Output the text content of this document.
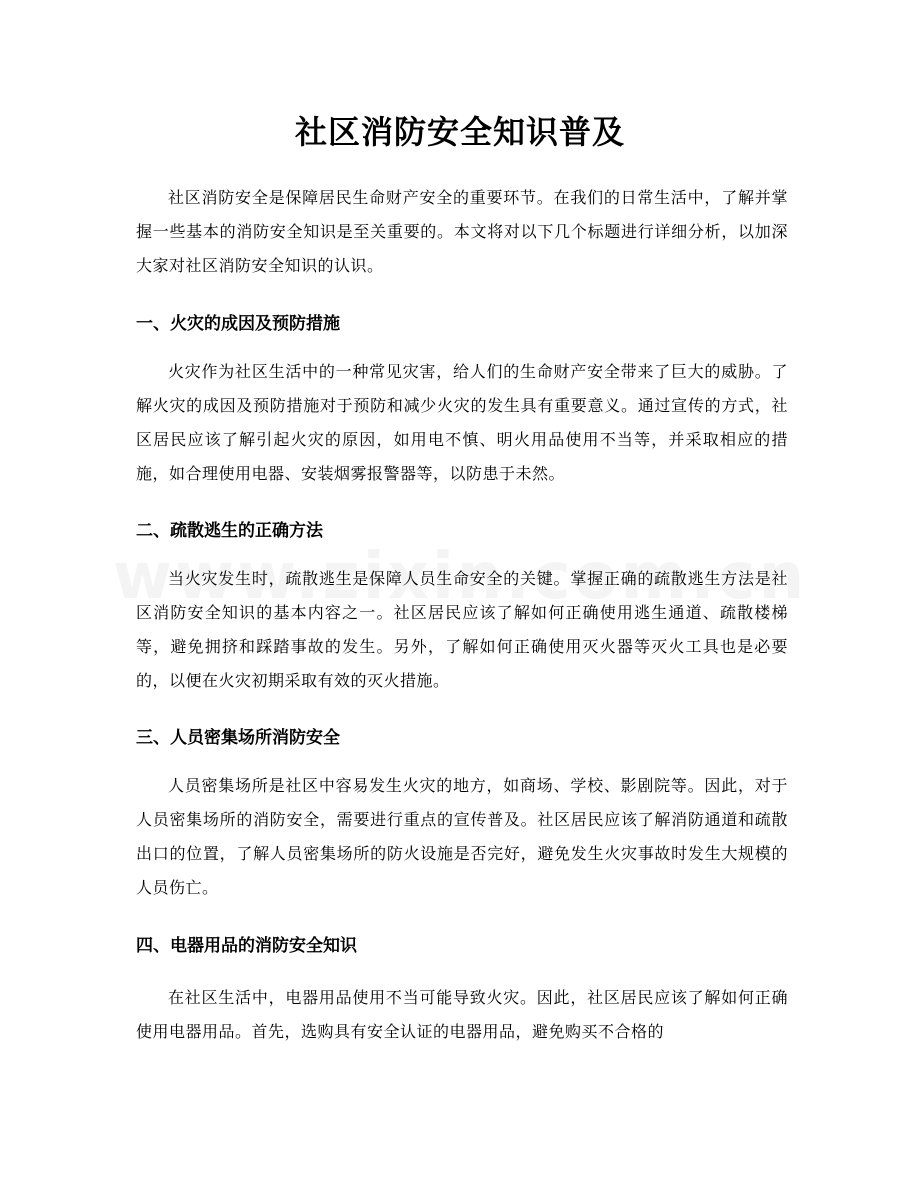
社区消防安全知识普及
社区消防安全是保障居民生命财产安全的重要环节。在我们的日常生活中，了解并掌握一些基本的消防安全知识是至关重要的。本文将对以下几个标题进行详细分析，以加深大家对社区消防安全知识的认识。
一、火灾的成因及预防措施
火灾作为社区生活中的一种常见灾害，给人们的生命财产安全带来了巨大的威胁。了解火灾的成因及预防措施对于预防和减少火灾的发生具有重要意义。通过宣传的方式，社区居民应该了解引起火灾的原因，如用电不慎、明火用品使用不当等，并采取相应的措施，如合理使用电器、安装烟雾报警器等，以防患于未然。
二、疏散逃生的正确方法
当火灾发生时，疏散逃生是保障人员生命安全的关键。掌握正确的疏散逃生方法是社区消防安全知识的基本内容之一。社区居民应该了解如何正确使用逃生通道、疏散楼梯等，避免拥挤和踩踏事故的发生。另外，了解如何正确使用灭火器等灭火工具也是必要的，以便在火灾初期采取有效的灭火措施。
三、人员密集场所消防安全
人员密集场所是社区中容易发生火灾的地方，如商场、学校、影剧院等。因此，对于人员密集场所的消防安全，需要进行重点的宣传普及。社区居民应该了解消防通道和疏散出口的位置，了解人员密集场所的防火设施是否完好，避免发生火灾事故时发生大规模的人员伤亡。
四、电器用品的消防安全知识
在社区生活中，电器用品使用不当可能导致火灾。因此，社区居民应该了解如何正确使用电器用品。首先，选购具有安全认证的电器用品，避免购买不合格的
